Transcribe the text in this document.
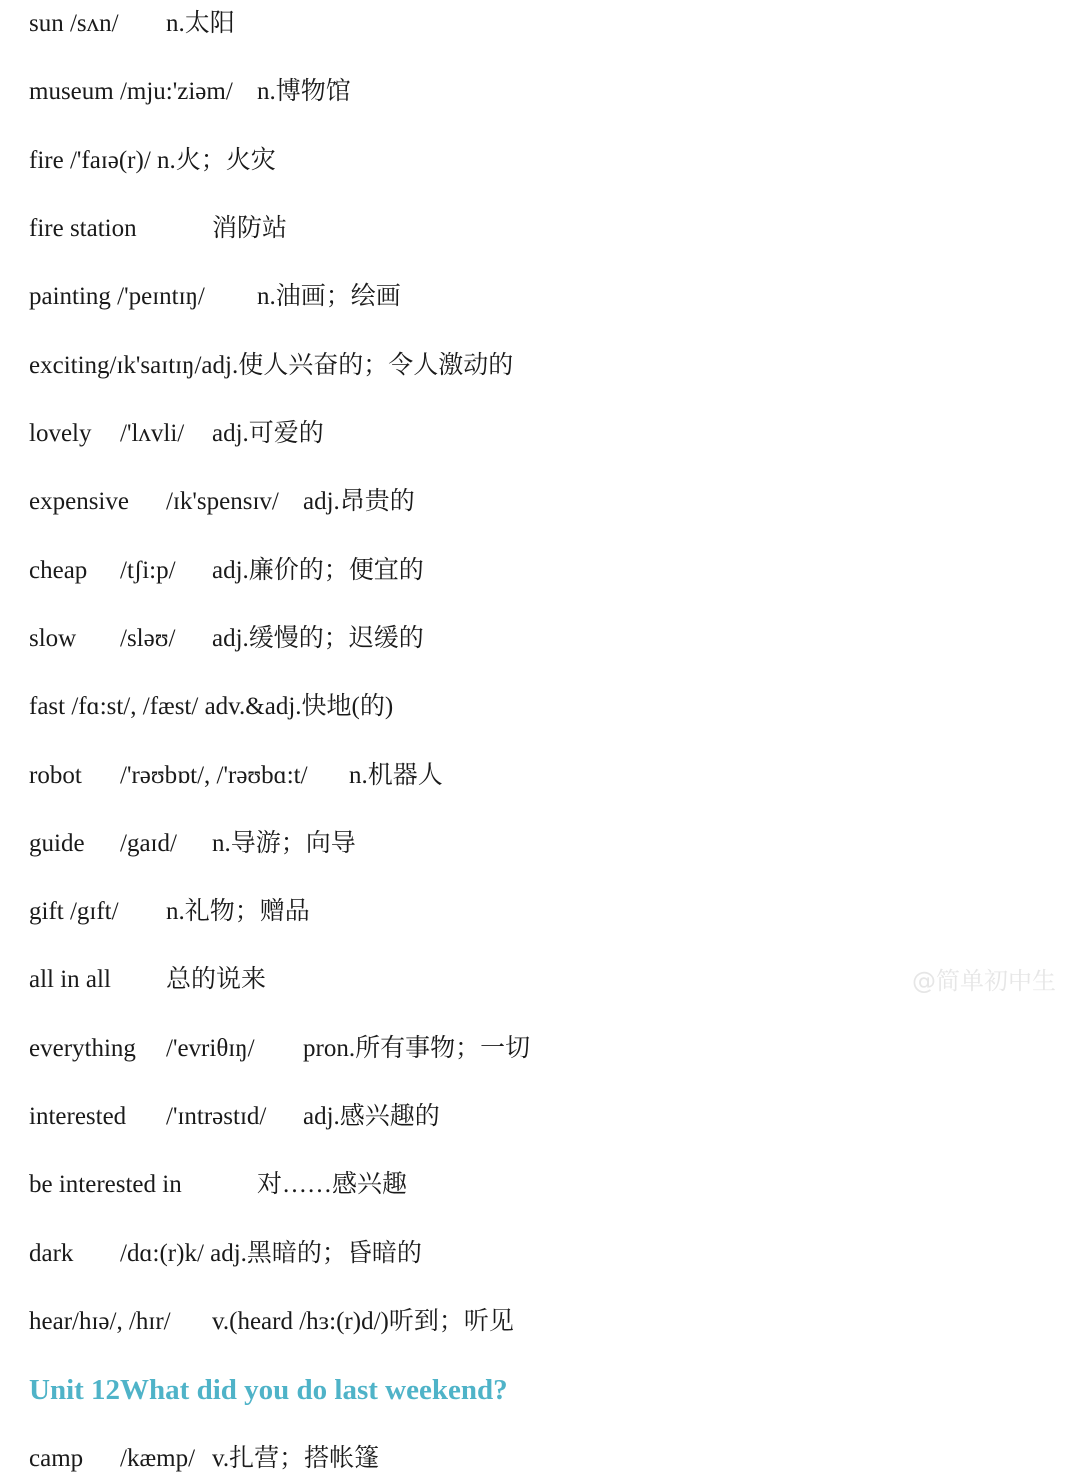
sun /sʌn/ n.太阳
museum /mju:'ziəm/ n.博物馆
fire /'faɪə(r)/ n.火；火灾
fire station	消防站
painting /'peɪntɪŋ/ n.油画；绘画
exciting/ɪk'saɪtɪŋ/adj.使人兴奋的；令人激动的
lovely /'lʌvli/ adj.可爱的
expensive /ɪk'spensɪv/ adj.昂贵的
cheap /tʃi:p/ adj.廉价的；便宜的
slow /sləʊ/ adj.缓慢的；迟缓的
fast /fɑ:st/, /fæst/ adv.&adj.快地(的)
robot /'rəʊbɒt/, /'rəʊbɑ:t/ n.机器人
guide /gaɪd/ n.导游；向导
gift /gɪft/ n.礼物；赠品
all in all 总的说来
everything /'evriθɪŋ/ pron.所有事物；一切
interested /'ɪntrəstɪd/ adj.感兴趣的
be interested in	对……感兴趣
dark /dɑ:(r)k/ adj.黑暗的；昏暗的
hear/hɪə/, /hɪr/ v.(heard /hɜ:(r)d/)听到；听见
Unit 12What did you do last weekend?
camp /kæmp/ v.扎营；搭帐篷
@简单初中生
